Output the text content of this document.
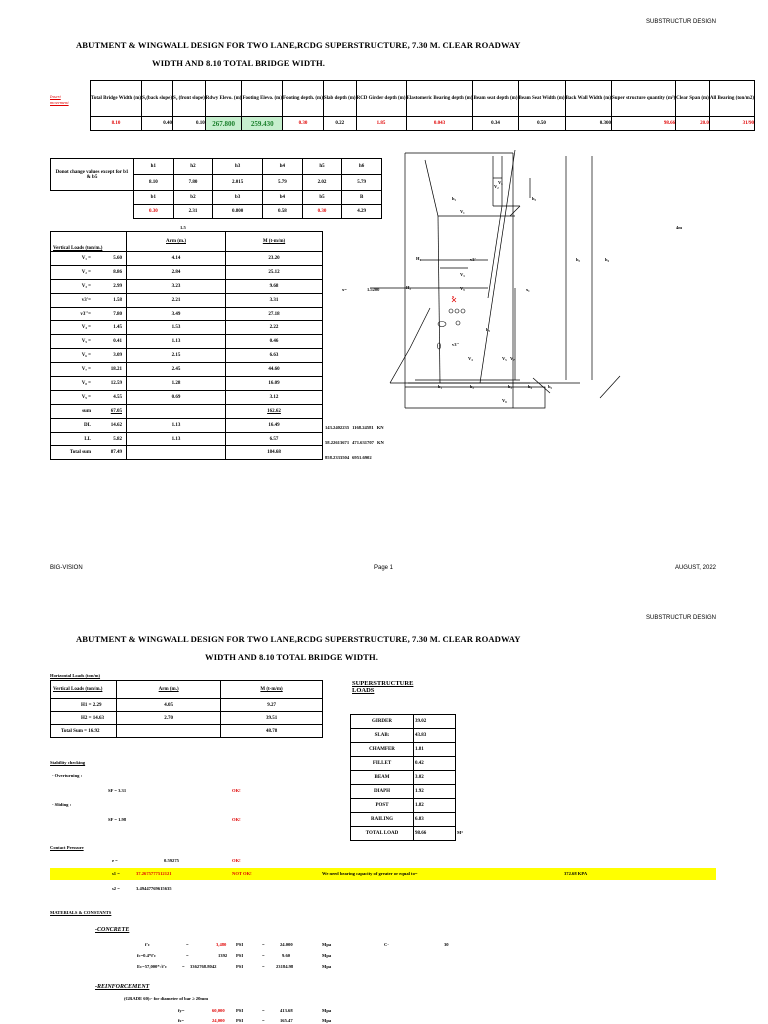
SUBSTRUCTUR DESIGN
ABUTMENT & WINGWALL DESIGN FOR TWO LANE,RCDG SUPERSTRUCTURE, 7.30 M. CLEAR ROADWAY
WIDTH AND 8.10 TOTAL BRIDGE WIDTH.
Insert
movement
Total Bridge Width (m)	S₁	(back slope)	S₂ (front slope)	Rdwy Elevo. (m)	Footing Elevo. (m)	Footing depth. (m)	Slab depth (m)	RCD Girder depth (m)	Elastomeric Bearing depth (m)	Beam seat depth (m)	Beam Seat Width (m)	Back Wall Width (m)	Super structure quantity (m³)	Clear Span (m)	All Bearing (ton/m2)
8.10		0.40	0.10	267.800	259.430	0.30	0.22	1.85	0.043	0.34	0.50	0.300	98.66	20.0	31/90
Donot change values except for b1 & b5	h1	h2	h3	h4	h5	h6
	8.10	7.80	2.015	5.79	2.02	5.79
	b1	b2	b3	b4	b5	B
	0.30	2.31	0.800	0.58	0.30	4.29
1.5
Vertical Loads (ton/m.)		Arm (m.)	M (t-m/m)
V₁ =	5.60	4.14	23.20
V₂ =	8.86	2.84	25.12
V₃ =	2.99	3.23	9.68
v3'=	1.58	2.21	3.31
v3''=	7.80	3.49	27.18
V₄ =	1.45	1.53	2.22
V₅ =	0.41	1.13	0.46
V₆ =	3.09	2.15	6.63
V₇ =	18.21	2.45	44.60
V₈ =	12.59	1.28	16.09
V₉ =	4.55	0.69	3.12
sum	67.05		162.62
DL	14.62	1.13	16.49
LL	5.82	1.13	6.57
Total sum	87.49		184.68
143.2402235 1168.24581 KN
58.22613671 471.631707 KN
858.2333504 6951.6902
4m
x=	1.5200
h₁
h₂
h₃
h₄
h₅
H₁
H₂
V₁
V₂
V₃
v3'
V₄	V₅
v3''
V₇
V₈
V₉
V₆
b₁	b₂	b₃	b₄	b₅
x
x₁
BIG-VISION	Page 1	AUGUST, 2022
SUBSTRUCTUR DESIGN
ABUTMENT & WINGWALL DESIGN FOR TWO LANE,RCDG SUPERSTRUCTURE, 7.30 M. CLEAR ROADWAY
WIDTH AND 8.10 TOTAL BRIDGE WIDTH.
Horizontal Loads (ton/m)
Vertical Loads (ton/m.)	Arm (m.)	M (t-m/m)
H1 = 2.29	4.05	9.27
H2 = 14.63	2.70	39.51
Total Sum = 16.92		48.78
SUPERSTRUCTURE
LOADS
GIRDER	39.02
SLAB:	43.83
CHAMFER	1.81
FILLET	0.42
BEAM	3.02
DIAPH	1.92
POST	1.82
RAILING	6.83
TOTAL LOAD	98.66	M³
Stability checking
- Overturning :
SF = 3.31	OK!
- Sliding :
SF = 1.98	OK!
Contact Pressure
e =	0.59275	OK!
s1 =	37.2675777512121	NOT OK!	We need bearing capacity of greater or equal to=	372.68 KPA
s2 =	3.49447769615635
MATERIALS & CONSTANTS
-CONCRETE
f'c	=	3,480 PSI	=	24.000	Mpa	C-	30
fc=0.4*f'c	=	1392 PSI	=	9.60	Mpa
Ec=57,000*√f'c	= 3362768.8042	PSI	= 23184.98	Mpa
-REINFORCEMENT
(GRADE 60):- for diameter of bar ≥ 20mm
fy=	60,000 PSI	=	413.68	Mpa
fs=	24,000 PSI	=	165.47	Mpa
